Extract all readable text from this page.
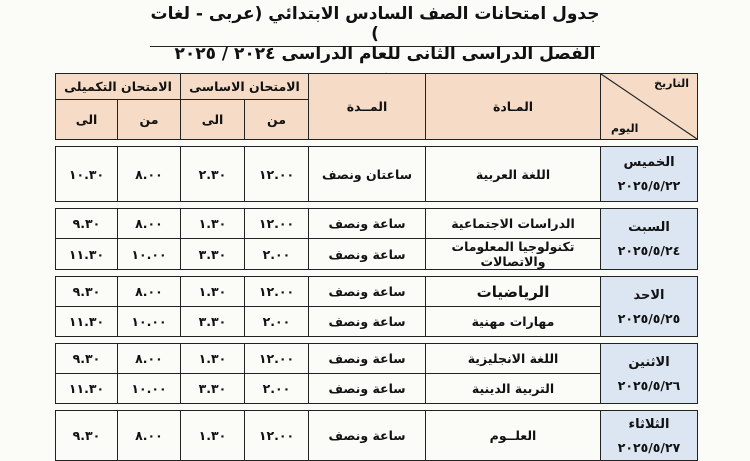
جدول امتحانات الصف السادس الابتدائي (عربى - لغات )
الفصل الدراسى الثانى للعام الدراسى ٢٠٢٤ / ٢٠٢٥
التاريخ
اليوم	المـادة	المــدة	الامتحان الاساسى		الامتحان التكميلى	
			من	الى	من	الى

الخميس
٢٠٢٥/٥/٢٢	اللغة العربية	ساعتان ونصف	١٢.٠٠	٢.٣٠	٨.٠٠	١٠.٣٠

السبت
٢٠٢٥/٥/٢٤	الدراسات الاجتماعية	ساعة ونصف	١٢.٠٠	١.٣٠	٨.٠٠	٩.٣٠
	تكنولوجيا المعلومات والاتصالات	ساعة ونصف	٢.٠٠	٣.٣٠	١٠.٠٠	١١.٣٠

الاحد
٢٠٢٥/٥/٢٥	الرياضيات	ساعة ونصف	١٢.٠٠	١.٣٠	٨.٠٠	٩.٣٠
	مهارات مهنية	ساعة ونصف	٢.٠٠	٣.٣٠	١٠.٠٠	١١.٣٠

الاثنين
٢٠٢٥/٥/٢٦	اللغة الانجليزية	ساعة ونصف	١٢.٠٠	١.٣٠	٨.٠٠	٩.٣٠
	التربية الدينية	ساعة ونصف	٢.٠٠	٣.٣٠	١٠.٠٠	١١.٣٠

الثلاثاء
٢٠٢٥/٥/٢٧	العلــوم	ساعة ونصف	١٢.٠٠	١.٣٠	٨.٠٠	٩.٣٠
